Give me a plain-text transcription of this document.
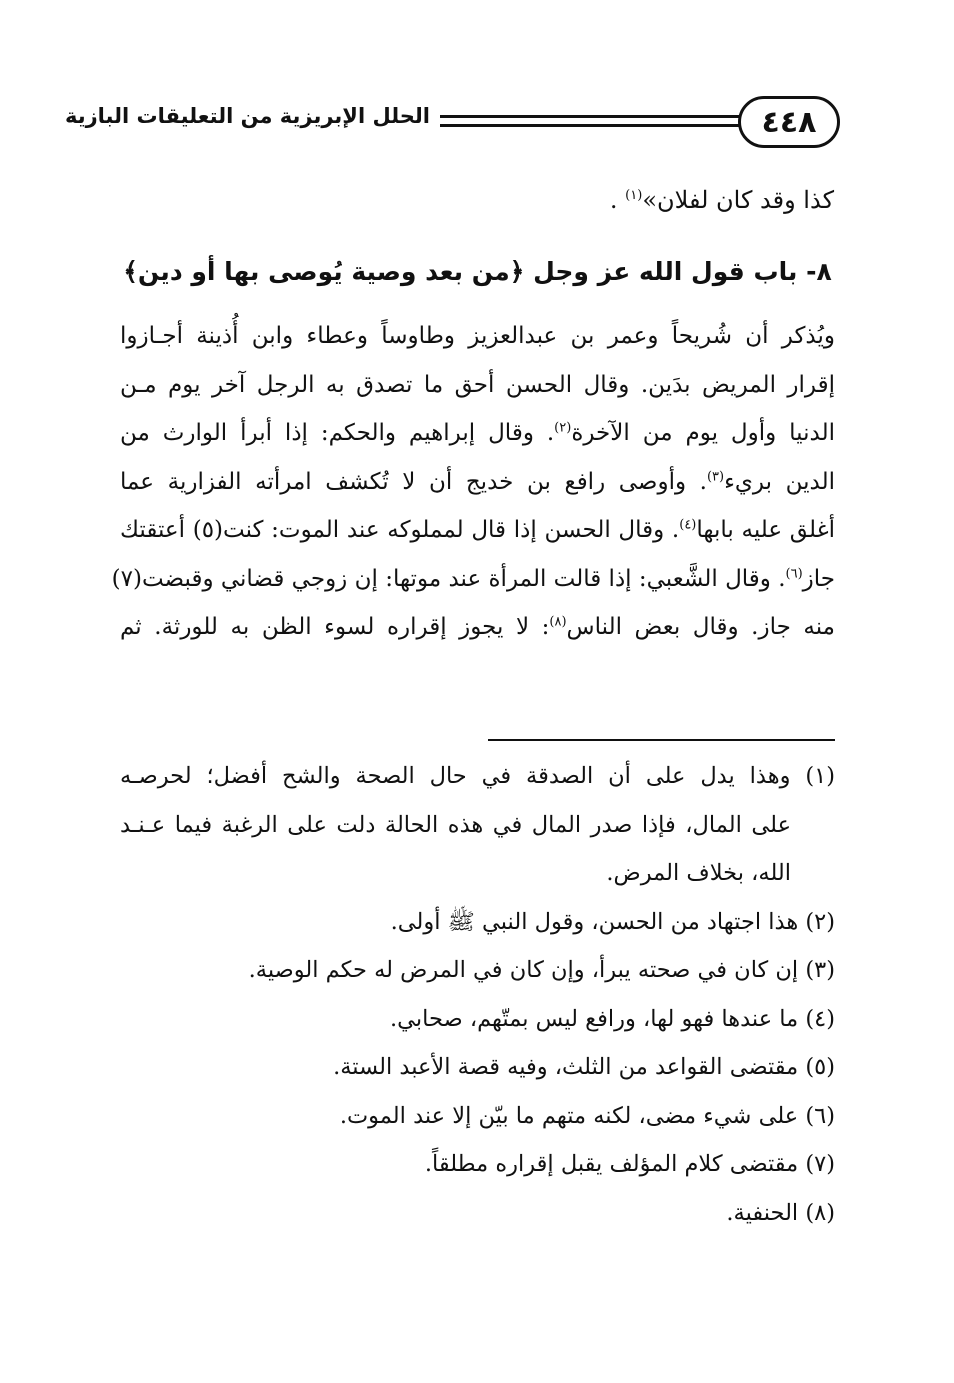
٤٤٨
الحلل الإبريزية من التعليقات البازية
كذا وقد كان لفلان»$^{(١)}$ .
٨- باب قول الله عز وجل ﴿من بعد وصية يُوصى بها أو دين﴾
ويُذكر أن شُريحاً وعمر بن عبدالعزيز وطاوساً وعطاء وابن أُذينة أجـازوا
إقرار المريض بدَين. وقال الحسن أحق ما تصدق به الرجل آخر يوم مـن
الدنيا وأول يوم من الآخرة$^{(٢)}$. وقال إبراهيم والحكم: إذا أبرأ الوارث من
الدين بريء$^{(٣)}$. وأوصى رافع بن خديج أن لا تُكشف امرأته الفزارية عما
أغلق عليه بابها$^{(٤)}$. وقال الحسن إذا قال لمملوكه عند الموت: كنت(٥) أعتقتك
جاز$^{(٦)}$. وقال الشَّعبي: إذا قالت المرأة عند موتها: إن زوجي قضاني وقبضت(٧)
منه جاز. وقال بعض الناس$^{(٨)}$: لا يجوز إقراره لسوء الظن به للورثة. ثم
(١) وهذا يدل على أن الصدقة في حال الصحة والشح أفضل؛ لحرصـه
على المال، فإذا صدر المال في هذه الحالة دلت على الرغبة فيما عـنـد
الله، بخلاف المرض.
(٢) هذا اجتهاد من الحسن، وقول النبي ﷺ أولى.
(٣) إن كان في صحته يبرأ، وإن كان في المرض له حكم الوصية.
(٤) ما عندها فهو لها، ورافع ليس بمتّهم، صحابي.
(٥) مقتضى القواعد من الثلث، وفيه قصة الأعبد الستة.
(٦) على شيء مضى، لكنه متهم ما بيّن إلا عند الموت.
(٧) مقتضى كلام المؤلف يقبل إقراره مطلقاً.
(٨) الحنفية.
